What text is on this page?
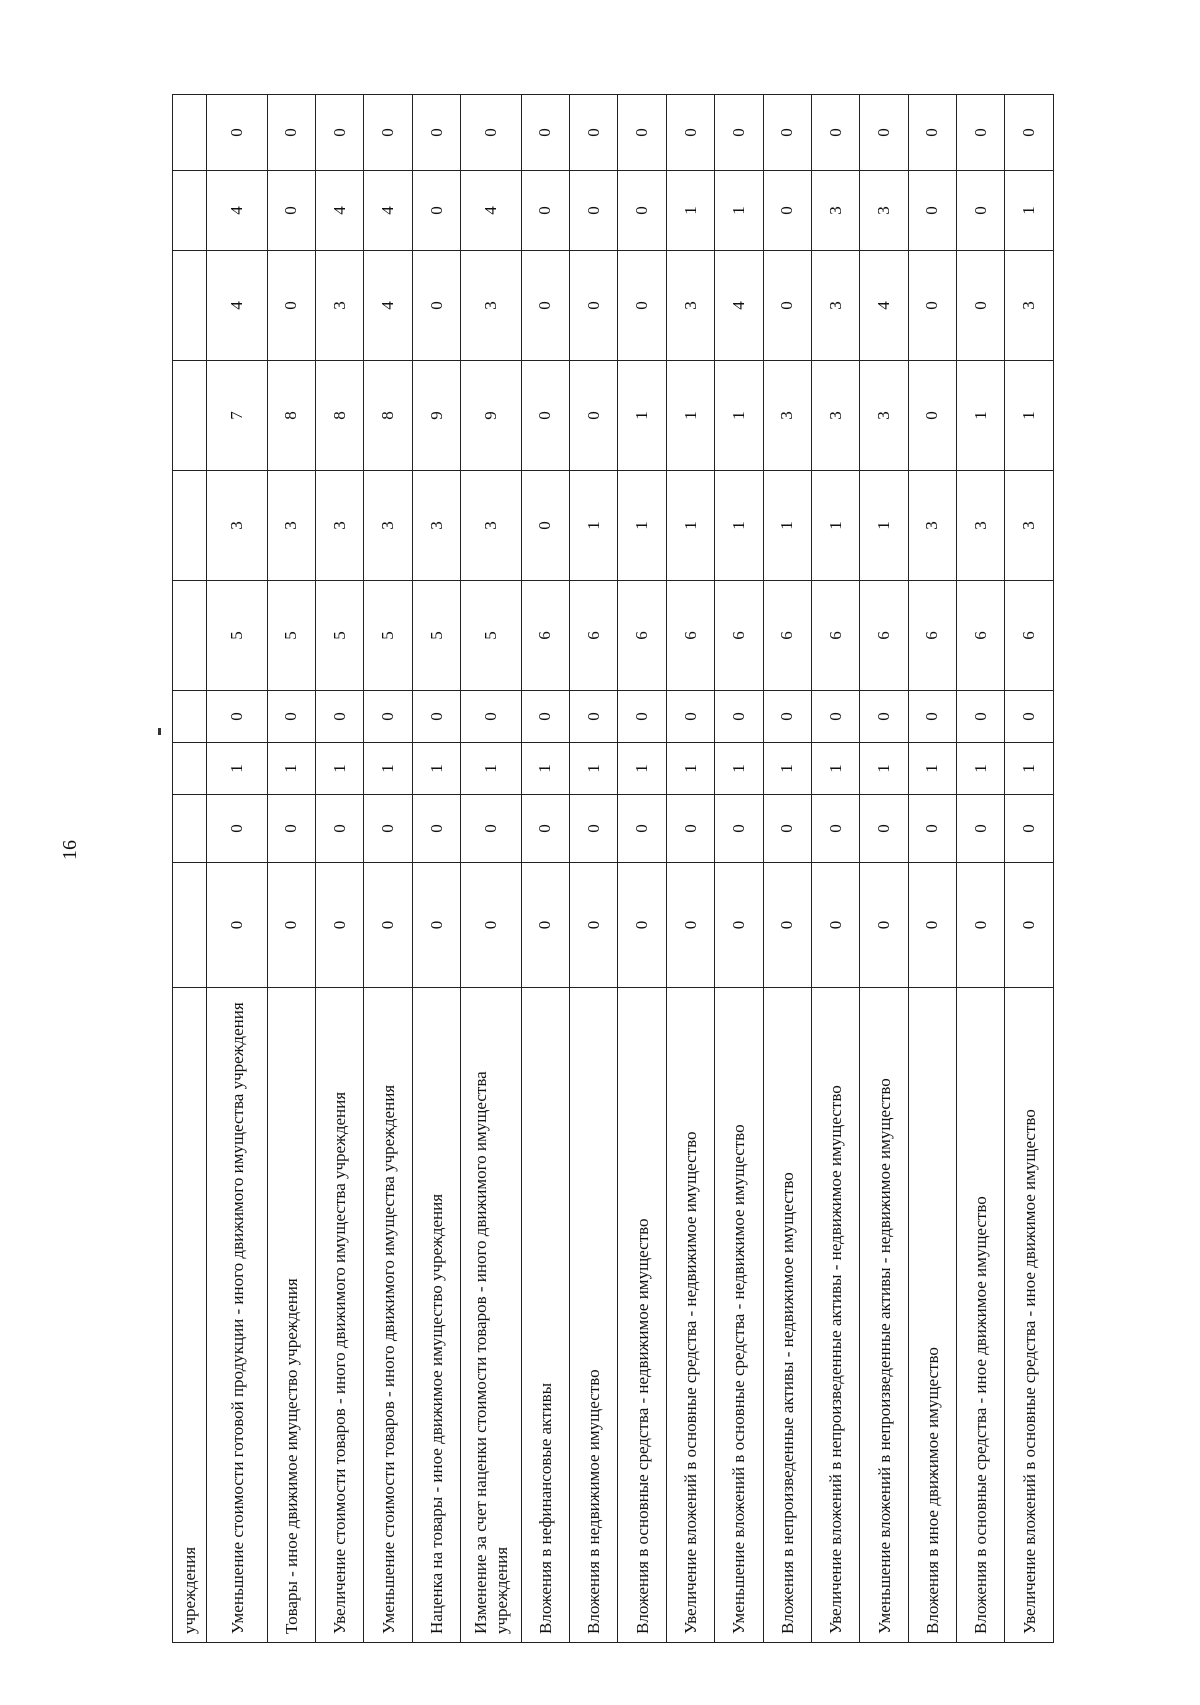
16
учреждения										
Уменьшение стоимости готовой продукции - иного движимого имущества учреждения	0	0	1	0	5	3	7	4	4	0
Товары - иное движимое имущество учреждения	0	0	1	0	5	3	8	0	0	0
Увеличение стоимости товаров - иного движимого имущества учреждения	0	0	1	0	5	3	8	3	4	0
Уменьшение стоимости товаров - иного движимого имущества учреждения	0	0	1	0	5	3	8	4	4	0
Наценка на товары - иное движимое имущество учреждения	0	0	1	0	5	3	9	0	0	0
Изменение за счет наценки стоимости товаров - иного движимого имущества учреждения	0	0	1	0	5	3	9	3	4	0
Вложения в нефинансовые активы	0	0	1	0	6	0	0	0	0	0
Вложения в недвижимое имущество	0	0	1	0	6	1	0	0	0	0
Вложения в основные средства - недвижимое имущество	0	0	1	0	6	1	1	0	0	0
Увеличение вложений в основные средства - недвижимое имущество	0	0	1	0	6	1	1	3	1	0
Уменьшение вложений в основные средства - недвижимое имущество	0	0	1	0	6	1	1	4	1	0
Вложения в непроизведенные активы - недвижимое имущество	0	0	1	0	6	1	3	0	0	0
Увеличение вложений в непроизведенные активы - недвижимое имущество	0	0	1	0	6	1	3	3	3	0
Уменьшение вложений в непроизведенные активы - недвижимое имущество	0	0	1	0	6	1	3	4	3	0
Вложения в иное движимое имущество	0	0	1	0	6	3	0	0	0	0
Вложения в основные средства - иное движимое имущество	0	0	1	0	6	3	1	0	0	0
Увеличение вложений в основные средства - иное движимое имущество	0	0	1	0	6	3	1	3	1	0
